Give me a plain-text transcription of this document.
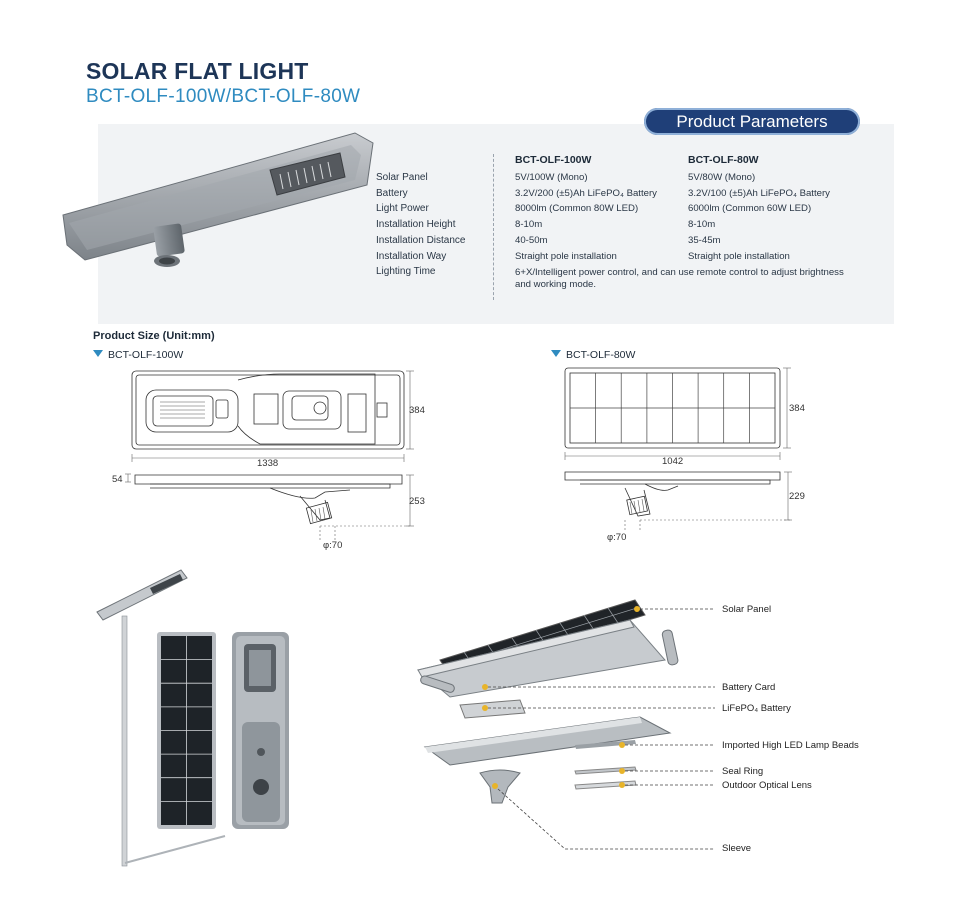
SOLAR FLAT LIGHT
BCT-OLF-100W/BCT-OLF-80W
Product Parameters
Solar Panel
Battery
Light Power
Installation Height
Installation Distance
Installation Way
Lighting Time
BCT-OLF-100W	BCT-OLF-80W
5V/100W (Mono)
3.2V/200 (±5)Ah LiFePO₄ Battery
8000lm (Common 80W LED)
8-10m
40-50m
Straight pole installation
5V/80W (Mono)
3.2V/100 (±5)Ah LiFePO₄ Battery
6000lm (Common 60W LED)
8-10m
35-45m
Straight pole installation
6+X/Intelligent power control, and can use remote control to adjust brightness
and working mode.
Product Size (Unit:mm)
BCT-OLF-100W	BCT-OLF-80W
1338
384
54
253
φ:70
1042
384
229
φ:70
Solar Panel
Battery Card
LiFePO₄ Battery
Imported High LED Lamp Beads
Seal Ring
Outdoor Optical Lens
Sleeve
